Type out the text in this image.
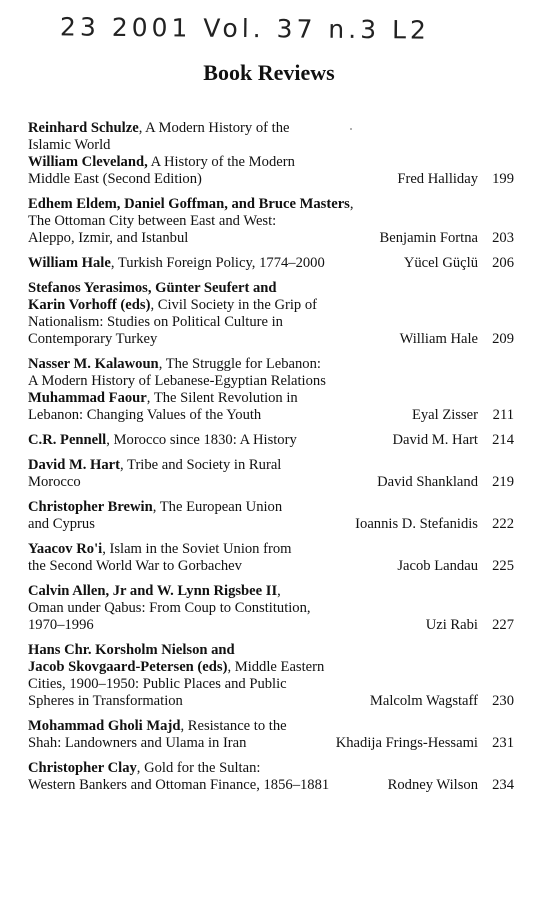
23 2001 Vol. 37 n.3 L2
Book Reviews
Reinhard Schulze, A Modern History of the
Islamic World
William Cleveland, A History of the Modern
Middle East (Second Edition)	Fred Halliday 199
Edhem Eldem, Daniel Goffman, and Bruce Masters,
The Ottoman City between East and West:
Aleppo, Izmir, and Istanbul	Benjamin Fortna 203
William Hale, Turkish Foreign Policy, 1774–2000	Yücel Güçlü 206
Stefanos Yerasimos, Günter Seufert and
Karin Vorhoff (eds), Civil Society in the Grip of
Nationalism: Studies on Political Culture in
Contemporary Turkey	William Hale 209
Nasser M. Kalawoun, The Struggle for Lebanon:
A Modern History of Lebanese-Egyptian Relations
Muhammad Faour, The Silent Revolution in
Lebanon: Changing Values of the Youth	Eyal Zisser 211
C.R. Pennell, Morocco since 1830: A History	David M. Hart 214
David M. Hart, Tribe and Society in Rural
Morocco	David Shankland 219
Christopher Brewin, The European Union
and Cyprus	Ioannis D. Stefanidis 222
Yaacov Ro'i, Islam in the Soviet Union from
the Second World War to Gorbachev	Jacob Landau 225
Calvin Allen, Jr and W. Lynn Rigsbee II,
Oman under Qabus: From Coup to Constitution,
1970–1996	Uzi Rabi 227
Hans Chr. Korsholm Nielson and
Jacob Skovgaard-Petersen (eds), Middle Eastern
Cities, 1900–1950: Public Places and Public
Spheres in Transformation	Malcolm Wagstaff 230
Mohammad Gholi Majd, Resistance to the
Shah: Landowners and Ulama in Iran	Khadija Frings-Hessami 231
Christopher Clay, Gold for the Sultan:
Western Bankers and Ottoman Finance, 1856–1881	Rodney Wilson 234
